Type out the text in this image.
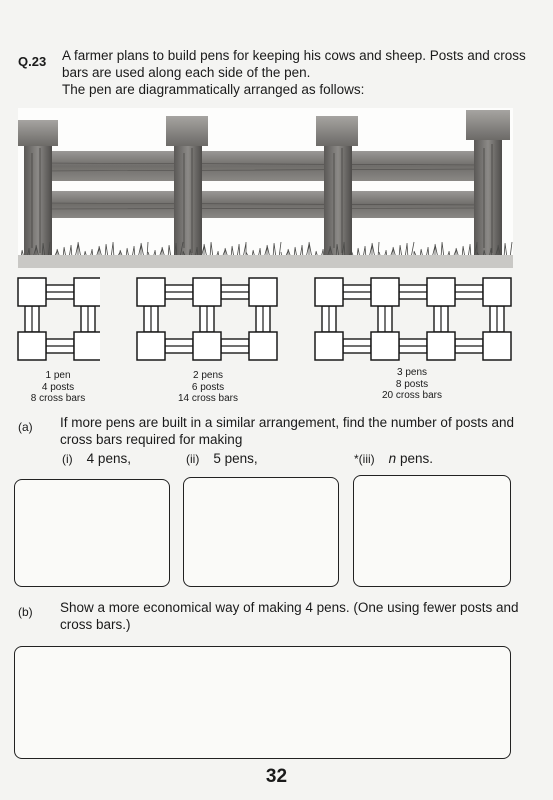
Q.23 A farmer plans to build pens for keeping his cows and sheep. Posts and cross
bars are used along each side of the pen.
The pen are diagrammatically arranged as follows:
1 pen
4 posts
8 cross bars
2 pens
6 posts
14 cross bars
3 pens
8 posts
20 cross bars
(a) If more pens are built in a similar arrangement, find the number of posts and
cross bars required for making
(i) 4 pens,	(ii) 5 pens,	*(iii) n pens.
(b) Show a more economical way of making 4 pens. (One using fewer posts and
cross bars.)
32
